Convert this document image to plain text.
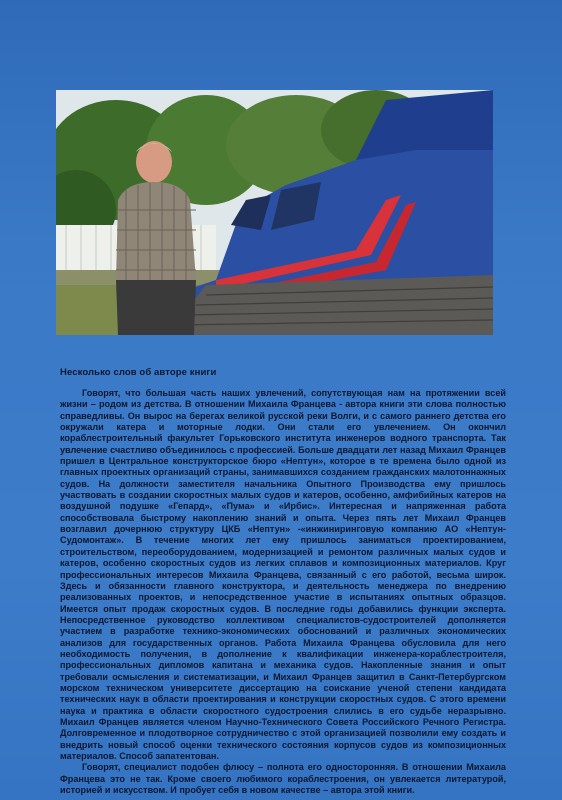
Несколько слов об авторе книги

Говорят, что большая часть наших увлечений, сопутствующая нам на протяжении всей жизни – родом из детства. В отношении Михаила Францева - автора книги эти слова полностью справедливы. Он вырос на берегах великой русской реки Волги, и с самого раннего детства его окружали катера и моторные лодки. Они стали его увлечением. Он окончил кораблестроительный факультет Горьковского института инженеров водного транспорта. Так увлечение счастливо объединилось с профессией. Больше двадцати лет назад Михаил Францев пришел в Центральное конструкторское бюро «Нептун», которое в те времена было одной из главных проектных организаций страны, занимавшихся созданием гражданских малотоннажных судов. На должности заместителя начальника Опытного Производства ему пришлось участвовать в создании скоростных малых судов и катеров, особенно, амфибийных катеров на воздушной подушке «Гепард», «Пума» и «Ирбис». Интересная и напряженная работа способствовала быстрому накоплению знаний и опыта. Через пять лет Михаил Францев возглавил дочернюю структуру ЦКБ «Нептун» -«инжиниринговую компанию АО «Нептун-Судомонтаж». В течение многих лет ему пришлось заниматься проектированием, строительством, переоборудованием, модернизацией и ремонтом различных малых судов и катеров, особенно скоростных судов из легких сплавов и композиционных материалов. Круг профессиональных интересов Михаила Францева, связанный с его работой, весьма широк. Здесь и обязанности главного конструктора, и деятельность менеджера по внедрению реализованных проектов, и непосредственное участие в испытаниях опытных образцов. Имеется опыт продаж скоростных судов. В последние годы добавились функции эксперта. Непосредственное руководство коллективом специалистов-судостроителей дополняется участием в разработке технико-экономических обоснований и различных экономических анализов для государственных органов. Работа Михаила Францева обусловила для него необходимость получения, в дополнение к квалификации инженера-кораблестроителя, профессиональных дипломов капитана и механика судов. Накопленные знания и опыт требовали осмысления и систематизации, и Михаил Францев защитил в Санкт-Петербургском морском техническом университете диссертацию на соискание ученой степени кандидата технических наук в области проектирования и конструкции скоростных судов. С этого времени наука и практика в области скоростного судостроения слились в его судьбе неразрывно. Михаил Францев является членом Научно-Технического Совета Российского Речного Регистра. Долговременное и плодотворное сотрудничество с этой организацией позволили ему создать и внедрить новый способ оценки технического состояния корпусов судов из композиционных материалов. Способ запатентован.

Говорят, специалист подобен флюсу – полнота его односторонняя. В отношении Михаила Францева это не так. Кроме своего любимого кораблестроения, он увлекается литературой, историей и искусством. И пробует себя в новом качестве – автора этой книги.
